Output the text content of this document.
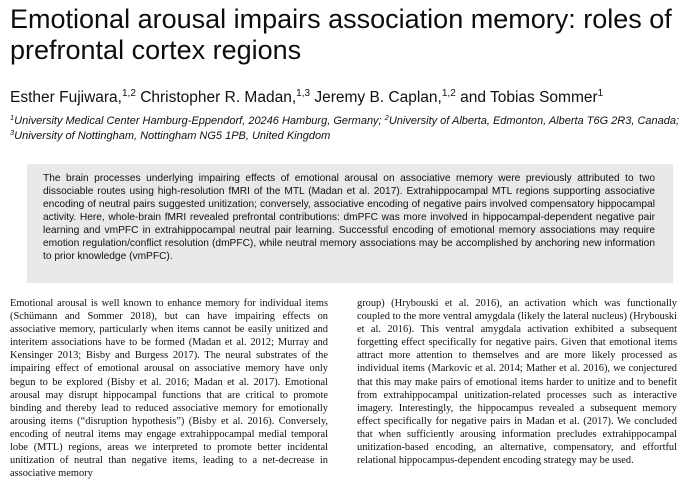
Emotional arousal impairs association memory: roles of prefrontal cortex regions
Esther Fujiwara,$^{1,2}$ Christopher R. Madan,$^{1,3}$ Jeremy B. Caplan,$^{1,2}$ and Tobias Sommer$^1$
$^1$University Medical Center Hamburg-Eppendorf, 20246 Hamburg, Germany; $^2$University of Alberta, Edmonton, Alberta T6G 2R3, Canada; $^3$University of Nottingham, Nottingham NG5 1PB, United Kingdom

The brain processes underlying impairing effects of emotional arousal on associative memory were previously attributed to two dissociable routes using high-resolution fMRI of the MTL (Madan et al. 2017). Extrahippocampal MTL regions supporting associative encoding of neutral pairs suggested unitization; conversely, associative encoding of negative pairs involved compensatory hippocampal activity. Here, whole-brain fMRI revealed prefrontal contributions: dmPFC was more involved in hippocampal-dependent negative pair learning and vmPFC in extrahippocampal neutral pair learning. Successful encoding of emotional memory associations may require emotion regulation/conflict resolution (dmPFC), while neutral memory associations may be accomplished by anchoring new information to prior knowledge (vmPFC).

Emotional arousal is well known to enhance memory for individual items (Schümann and Sommer 2018), but can have impairing effects on associative memory, particularly when items cannot be easily unitized and interitem associations have to be formed (Madan et al. 2012; Murray and Kensinger 2013; Bisby and Burgess 2017). The neural substrates of the impairing effect of emotional arousal on associative memory have only begun to be explored (Bisby et al. 2016; Madan et al. 2017). Emotional arousal may disrupt hippocampal functions that are critical to promote binding and thereby lead to reduced associative memory for emotionally arousing items (“disruption hypothesis”) (Bisby et al. 2016). Conversely, encoding of neutral items may engage extrahippocampal medial temporal lobe (MTL) regions, areas we interpreted to promote better incidental unitization of neutral than negative items, leading to a net-decrease in associative memory

group) (Hrybouski et al. 2016), an activation which was functionally coupled to the more ventral amygdala (likely the lateral nucleus) (Hrybouski et al. 2016). This ventral amygdala activation exhibited a subsequent forgetting effect specifically for negative pairs. Given that emotional items attract more attention to themselves and are more likely processed as individual items (Markovic et al. 2014; Mather et al. 2016), we conjectured that this may make pairs of emotional items harder to unitize and to benefit from extrahippocampal unitization-related processes such as interactive imagery. Interestingly, the hippocampus revealed a subsequent memory effect specifically for negative pairs in Madan et al. (2017). We concluded that when sufficiently arousing information precludes extrahippocampal unitization-based encoding, an alternative, compensatory, and effortful relational hippocampus-dependent encoding strategy may be used.
